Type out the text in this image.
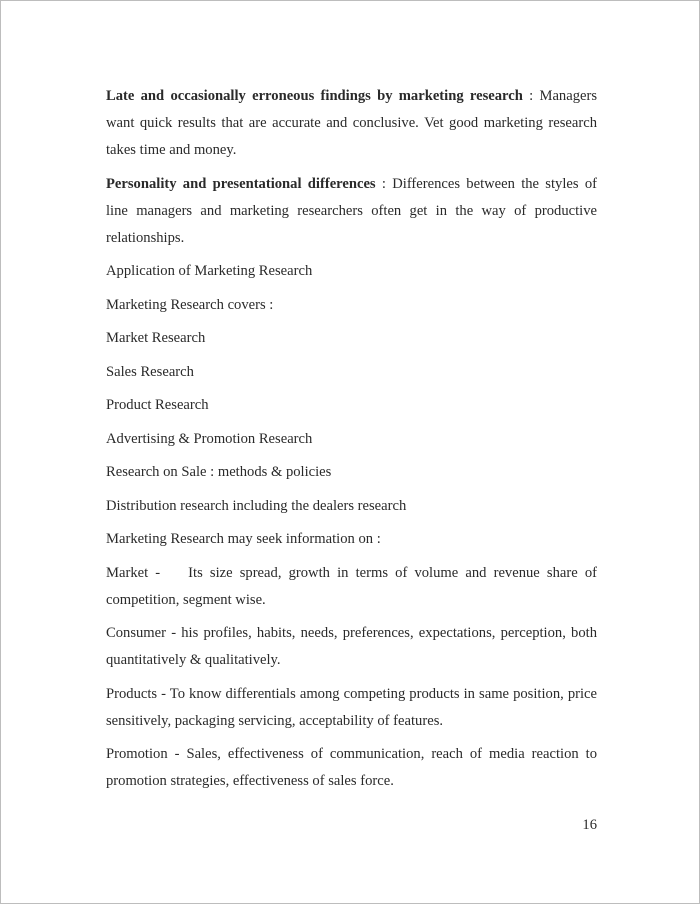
Late and occasionally erroneous findings by marketing research : Managers want quick results that are accurate and conclusive. Vet good marketing research takes time and money.

Personality and presentational differences : Differences between the styles of line managers and marketing researchers often get in the way of productive relationships.

Application of Marketing Research

Marketing Research covers :

Market Research

Sales Research

Product Research

Advertising & Promotion Research

Research on Sale : methods & policies

Distribution research including the dealers research

Marketing Research may seek information on :

Market - Its size spread, growth in terms of volume and revenue share of competition, segment wise.

Consumer - his profiles, habits, needs, preferences, expectations, perception, both quantitatively & qualitatively.

Products - To know differentials among competing products in same position, price sensitively, packaging servicing, acceptability of features.

Promotion - Sales, effectiveness of communication, reach of media reaction to promotion strategies, effectiveness of sales force.

16
